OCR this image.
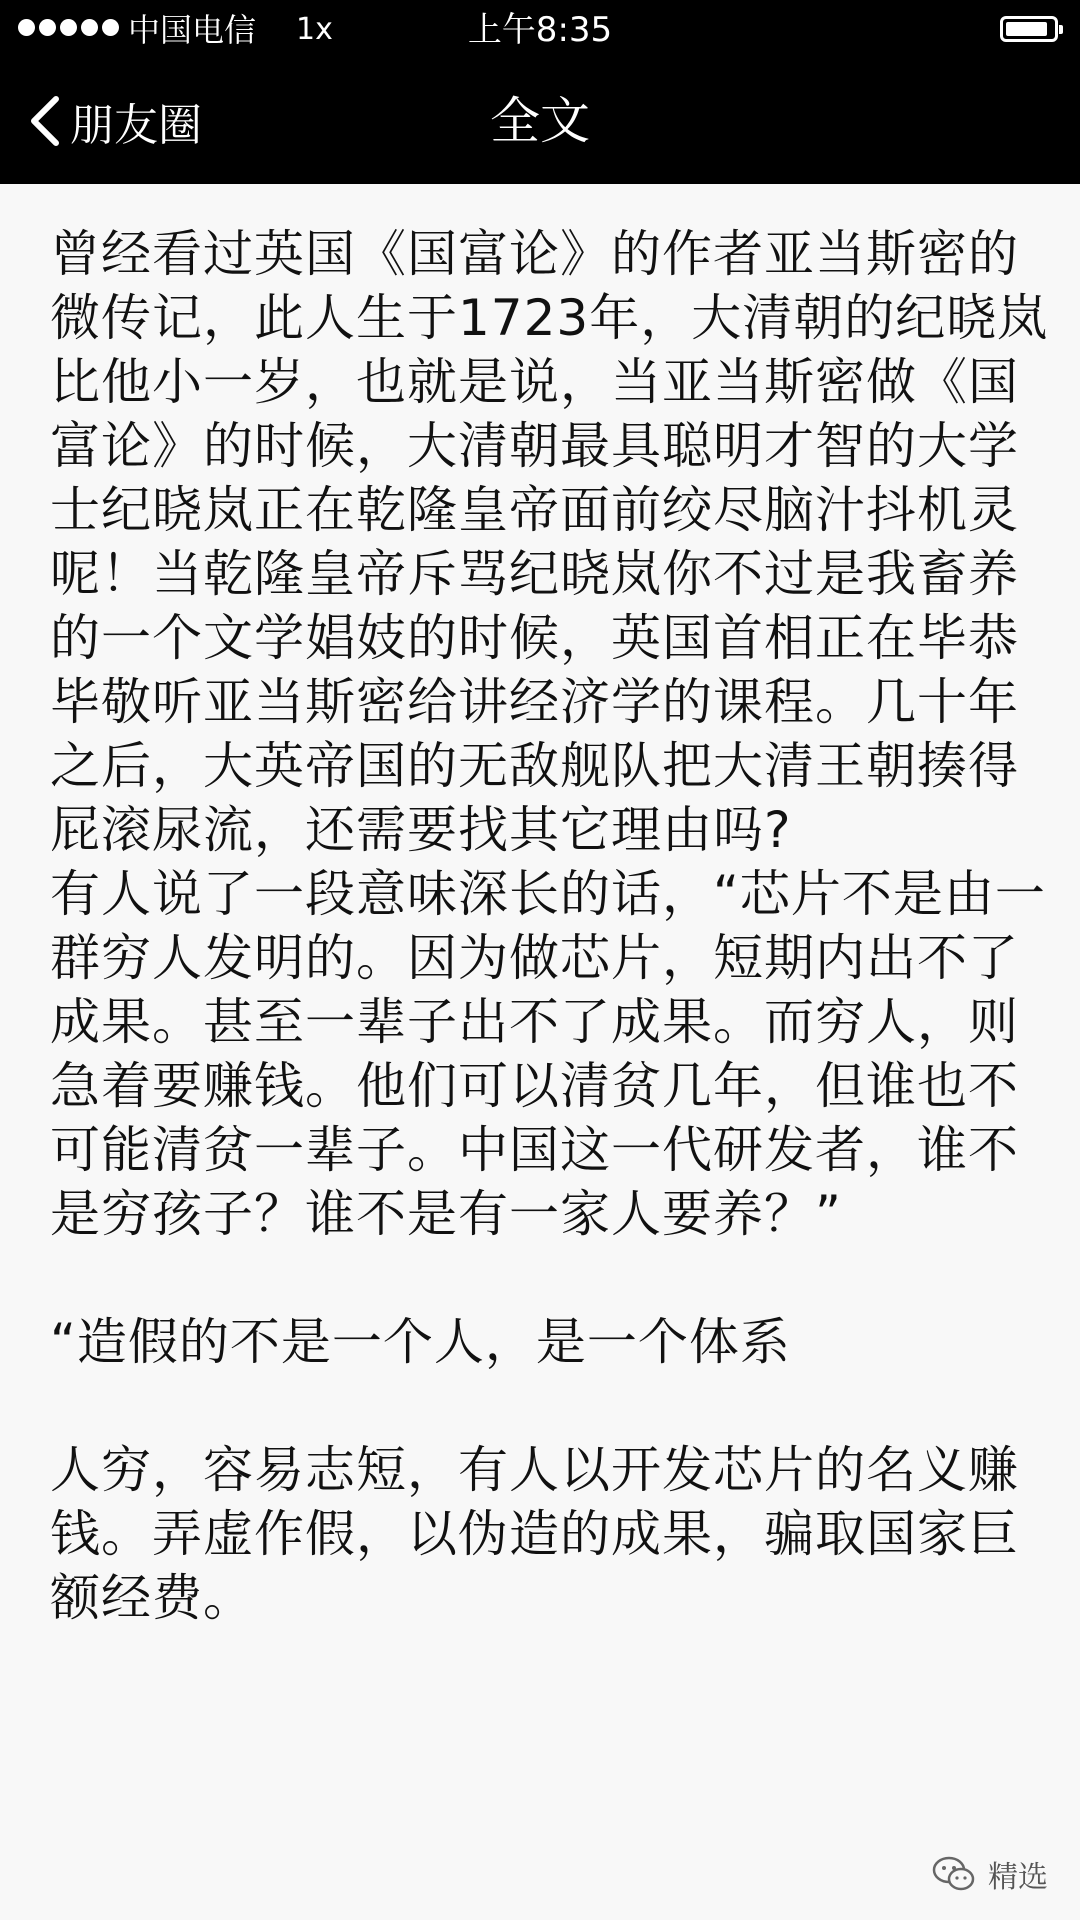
中国电信 1x	上午8:35
朋友圈	全文

曾经看过英国《国富论》的作者亚当斯密的微传记，此人生于1723年，大清朝的纪晓岚比他小一岁，也就是说，当亚当斯密做《国富论》的时候，大清朝最具聪明才智的大学士纪晓岚正在乾隆皇帝面前绞尽脑汁抖机灵呢！当乾隆皇帝斥骂纪晓岚你不过是我畜养的一个文学娼妓的时候，英国首相正在毕恭毕敬听亚当斯密给讲经济学的课程。几十年之后，大英帝国的无敌舰队把大清王朝揍得屁滚尿流，还需要找其它理由吗?

有人说了一段意味深长的话，“芯片不是由一群穷人发明的。因为做芯片，短期内出不了成果。甚至一辈子出不了成果。而穷人，则急着要赚钱。他们可以清贫几年，但谁也不可能清贫一辈子。中国这一代研发者，谁不是穷孩子？谁不是有一家人要养？”

“造假的不是一个人，是一个体系

人穷，容易志短，有人以开发芯片的名义赚钱。弄虚作假，以伪造的成果，骗取国家巨额经费。

精选
